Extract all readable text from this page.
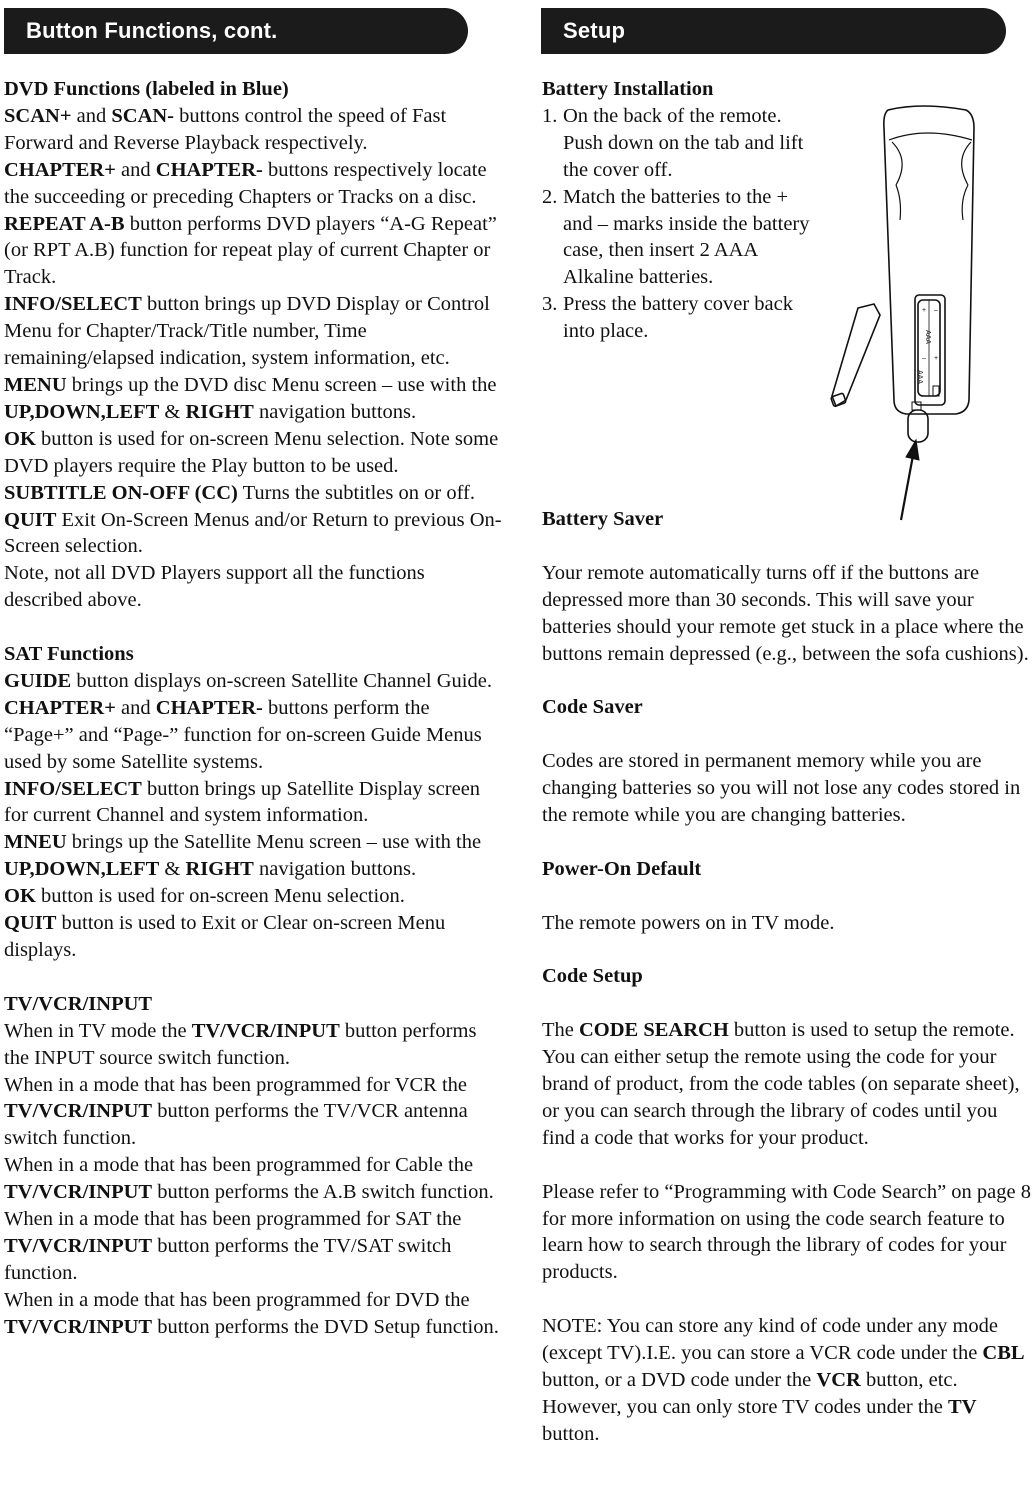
Button Functions, cont.	Setup

DVD Functions (labeled in Blue)

SCAN+ and SCAN- buttons control the speed of Fast Forward and Reverse Playback respectively.

CHAPTER+ and CHAPTER- buttons respectively locate the succeeding or preceding Chapters or Tracks on a disc.

REPEAT A-B button performs DVD players “A-G Repeat” (or RPT A.B) function for repeat play of current Chapter or Track.

INFO/SELECT button brings up DVD Display or Control Menu for Chapter/Track/Title number, Time remaining/elapsed indication, system information, etc.

MENU brings up the DVD disc Menu screen – use with the UP,DOWN,LEFT & RIGHT navigation buttons.

OK button is used for on-screen Menu selection. Note some DVD players require the Play button to be used.

SUBTITLE ON-OFF (CC) Turns the subtitles on or off.

QUIT Exit On-Screen Menus and/or Return to previous On-Screen selection.

Note, not all DVD Players support all the functions described above.

SAT Functions

GUIDE button displays on-screen Satellite Channel Guide.

CHAPTER+ and CHAPTER- buttons perform the “Page+” and “Page-” function for on-screen Guide Menus used by some Satellite systems.

INFO/SELECT button brings up Satellite Display screen for current Channel and system information.

MNEU brings up the Satellite Menu screen – use with the UP,DOWN,LEFT & RIGHT navigation buttons.

OK button is used for on-screen Menu selection.

QUIT button is used to Exit or Clear on-screen Menu displays.

TV/VCR/INPUT

When in TV mode the TV/VCR/INPUT button performs the INPUT source switch function.

When in a mode that has been programmed for VCR the TV/VCR/INPUT button performs the TV/VCR antenna switch function.

When in a mode that has been programmed for Cable the TV/VCR/INPUT button performs the A.B switch function.

When in a mode that has been programmed for SAT the TV/VCR/INPUT button performs the TV/SAT switch function.

When in a mode that has been programmed for DVD the TV/VCR/INPUT button performs the DVD Setup function.

Battery Installation

1. On the back of the remote. Push down on the tab and lift the cover off.
2. Match the batteries to the + and – marks inside the battery case, then insert 2 AAA Alkaline batteries.
3. Press the battery cover back into place.

Battery Saver

Your remote automatically turns off if the buttons are depressed more than 30 seconds. This will save your batteries should your remote get stuck in a place where the buttons remain depressed (e.g., between the sofa cushions).

Code Saver

Codes are stored in permanent memory while you are changing batteries so you will not lose any codes stored in the remote while you are changing batteries.

Power-On Default

The remote powers on in TV mode.

Code Setup

The CODE SEARCH button is used to setup the remote. You can either setup the remote using the code for your brand of product, from the code tables (on separate sheet), or you can search through the library of codes until you find a code that works for your product.

Please refer to “Programming with Code Search” on page 8 for more information on using the code search feature to learn how to search through the library of codes for your products.

NOTE: You can store any kind of code under any mode (except TV).I.E. you can store a VCR code under the CBL button, or a DVD code under the VCR button, etc. However, you can only store TV codes under the TV button.

AAA
AAA
+ –
+
–
